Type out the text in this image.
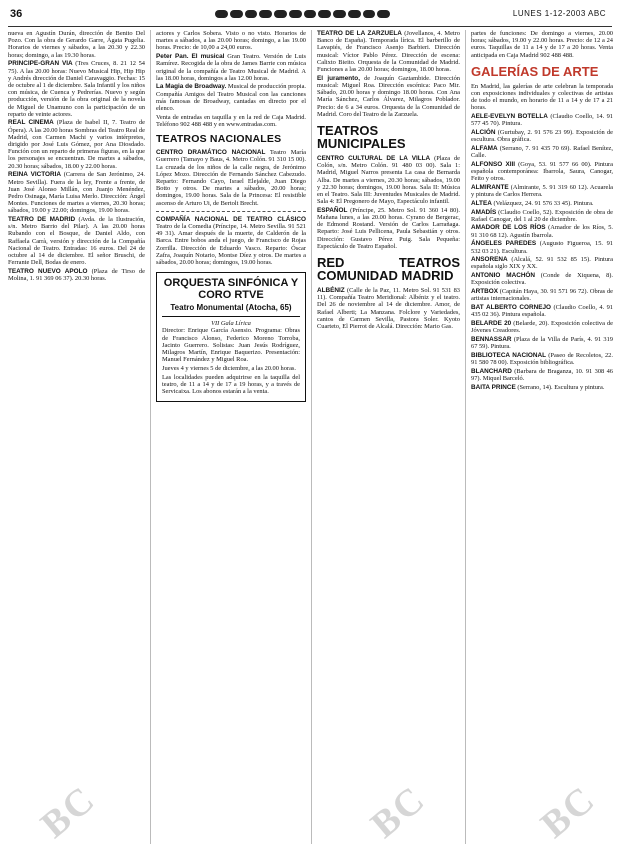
36	LUNES 1-12-2003 ABC

nueva en Agustín Durán, dirección de Benito Del Pozo. Con la obra de Gerardo Garre, Ágata Pugelia. Horarios de viernes y sábados, a las 20.30 y 22.30 horas; domingo, a las 19.30 horas.

PRINCIPE-GRAN VIA (Tres Cruces, 8. 21 12 54 75). A las 20.00 horas: Nuevo Musical Hip, Hip Hip y Andrés dirección de Daniel Caravaggio. Fechas: 15 de octubre al 1 de diciembre. Sala Infantil y los niños con música, de Cuenca y Pedrerías. Nuevo y según producción, versión de la obra original de la novela de Miguel de Unamuno con la participación de un reparto de veinte actores.

REAL CINEMA (Plaza de Isabel II, 7. Teatro de Ópera). A las 20.00 horas Sombras del Teatro Real de Madrid, con Carmen Machi y varios intérpretes, dirigido por José Luis Gómez, por Ana Diosdado. Función con un reparto de primeras figuras, en la que los personajes se encuentran. De martes a sábados, 20.30 horas; sábados, 18.00 y 22.00 horas.

REINA VICTORIA (Carrera de San Jerónimo, 24. Metro Sevilla). Fuera de la ley, Frente a frente, de Juan José Alonso Millán, con Juanjo Menéndez, Pedro Osinaga, María Luisa Merlo. Dirección: Ángel Montes. Funciones de martes a viernes, 20.30 horas; sábados, 19.00 y 22.00; domingos, 19.00 horas.

TEATRO DE MADRID (Avda. de la Ilustración, s/n. Metro Barrio del Pilar). A las 20.00 horas Rubando con el Bosque, de Daniel Aldo, con Raffaela Carrà, versión y dirección de la Compañía Nacional de Teatro. Entradas: 16 euros. Del 24 de octubre al 14 de diciembre. El señor Bruschi, de Ferrante Dell, Bodas de enero.

TEATRO NUEVO APOLO (Plaza de Tirso de Molina, 1. 91 369 06 37). 20.30 horas.

actores y Carlos Sobera. Visto o no visto. Horarios de martes a sábados, a las 20.00 horas; domingo, a las 19.00 horas. Precio: de 10,00 a 24,00 euros.

Peter Pan. El musical Gran Teatro. Versión de Luis Ramírez. Recogida de la obra de James Barrie con música original de la compañía de Teatro Musical de Madrid. A las 18.00 horas, domingos a las 12.00 horas.

La Magia de Broadway. Musical de producción propia. Compañía Amigos del Teatro Musical con las canciones más famosas de Broadway, cantadas en directo por el elenco.

Venta de entradas en taquilla y en la red de Caja Madrid. Teléfono 902 488 488 y en www.entradas.com.

TEATROS NACIONALES

CENTRO DRAMÁTICO NACIONAL Teatro María Guerrero (Tamayo y Baus, 4. Metro Colón. 91 310 15 00). La cruzada de los niños de la calle negra, de Jerónimo López Mozo. Dirección de Fernando Sánchez Cabezudo. Reparto: Fernando Cayo, Israel Elejalde, Juan Diego Botto y otros. De martes a sábados, 20.00 horas; domingos, 19.00 horas. Sala de la Princesa: El resistible ascenso de Arturo Ui, de Bertolt Brecht.

COMPAÑÍA NACIONAL DE TEATRO CLÁSICO Teatro de la Comedia (Príncipe, 14. Metro Sevilla. 91 521 49 31). Amar después de la muerte, de Calderón de la Barca. Entre bobos anda el juego, de Francisco de Rojas Zorrilla. Dirección de Eduardo Vasco. Reparto: Óscar Zafra, Joaquín Notario, Montse Díez y otros. De martes a sábados, 20.00 horas; domingos, 19.00 horas.

ORQUESTA SINFÓNICA Y CORO RTVE
Teatro Monumental (Atocha, 65)
VII Gala Lírica

Director: Enrique García Asensio. Programa: Obras de Francisco Alonso, Federico Moreno Torroba, Jacinto Guerrero. Solistas: Juan Jesús Rodríguez, Milagros Martín, Enrique Baquerizo. Presentación: Manuel Fernández y Miguel Roa.

Jueves 4 y viernes 5 de diciembre, a las 20.00 horas.

Las localidades pueden adquirirse en la taquilla del teatro, de 11 a 14 y de 17 a 19 horas, y a través de Servicaixa. Los abonos estarán a la venta.

TEATRO DE LA ZARZUELA (Jovellanos, 4. Metro Banco de España). Temporada lírica. El barberillo de Lavapiés, de Francisco Asenjo Barbieri. Dirección musical: Víctor Pablo Pérez. Dirección de escena: Calixto Bieito. Orquesta de la Comunidad de Madrid. Funciones a las 20.00 horas; domingos, 18.00 horas.

El juramento, de Joaquín Gaztambide. Dirección musical: Miguel Roa. Dirección escénica: Paco Mir. Sábado, 20.00 horas y domingo 18.00 horas. Con Ana María Sánchez, Carlos Álvarez, Milagros Poblador. Precio: de 6 a 34 euros. Orquesta de la Comunidad de Madrid. Coro del Teatro de la Zarzuela.

TEATROS MUNICIPALES

CENTRO CULTURAL DE LA VILLA (Plaza de Colón, s/n. Metro Colón. 91 480 03 00). Sala 1: Madrid, Miguel Narros presenta La casa de Bernarda Alba. De martes a viernes, 20.30 horas; sábados, 19.00 y 22.30 horas; domingos, 19.00 horas. Sala II: Música en el Teatro. Sala III: Juventudes Musicales de Madrid. Sala 4: El Pregonero de Mayo, Espectáculo infantil.

ESPAÑOL (Príncipe, 25. Metro Sol. 91 360 14 80). Mañana lunes, a las 20.00 horas. Cyrano de Bergerac, de Edmond Rostand. Versión de Carlos Larrañaga. Reparto: José Luis Pellicena, Paula Sebastián y otros. Dirección: Gustavo Pérez Puig. Sala Pequeña: Espectáculo de Teatro Español.

RED TEATROS COMUNIDAD MADRID

ALBÉNIZ (Calle de la Paz, 11. Metro Sol. 91 531 83 11). Compañía Teatro Meridional: Albéniz y el teatro. Del 26 de noviembre al 14 de diciembre. Amor, de Rafael Alberti; La Manzana. Folclore y Variedades, cantos de Carmen Sevilla, Pastora Soler. Kyoto Cuarteto, El Pierrot de Alcalá. Dirección: Mario Gas.

partes de funciones: De domingo a viernes, 20.00 horas; sábados, 19.00 y 22.00 horas. Precio: de 12 a 24 euros. Taquillas de 11 a 14 y de 17 a 20 horas. Venta anticipada en Caja Madrid 902 488 488.

GALERÍAS DE ARTE

En Madrid, las galerías de arte celebran la temporada con exposiciones individuales y colectivas de artistas de todo el mundo, en horario de 11 a 14 y de 17 a 21 horas.

AELE-EVELYN BOTELLA (Claudio Coello, 14. 91 577 45 70). Pintura.

ALCIÓN (Gurtubay, 2. 91 576 23 99). Exposición de escultura. Obra gráfica.

ALFAMA (Serrano, 7. 91 435 70 69). Rafael Benítez, Calle.

ALFONSO XIII (Goya, 53. 91 577 66 00). Pintura española contemporánea: Ibarrola, Saura, Canogar, Feito y otros.

ALMIRANTE (Almirante, 5. 91 319 60 12). Acuarela y pintura de Carlos Herrera.

ALTEA (Velázquez, 24. 91 576 33 45). Pintura.

AMADÍS (Claudio Coello, 52). Exposición de obra de Rafael Canogar, del 1 al 20 de diciembre.

AMADOR DE LOS RÍOS (Amador de los Ríos, 5. 91 310 68 12). Agustín Ibarrola.

ÁNGELES PAREDES (Augusto Figueroa, 15. 91 532 03 21). Escultura.

ANSORENA (Alcalá, 52. 91 532 85 15). Pintura española siglo XIX y XX.

ANTONIO MACHÓN (Conde de Xiquena, 8). Exposición colectiva.

ARTBOX (Capitán Haya, 30. 91 571 96 72). Obras de artistas internacionales.

BAT ALBERTO CORNEJO (Claudio Coello, 4. 91 435 02 36). Pintura española.

BELARDE 20 (Belarde, 20). Exposición colectiva de Jóvenes Creadores.

BENNASSAR (Plaza de la Villa de París, 4. 91 319 67 59). Pintura.

BIBLIOTECA NACIONAL (Paseo de Recoletos, 22. 91 580 78 00). Exposición bibliográfica.

BLANCHARD (Barbara de Braganza, 10. 91 308 46 97). Miquel Barceló.

BAITA PRINCE (Serrano, 14). Escultura y pintura.

BC	BC	BC
